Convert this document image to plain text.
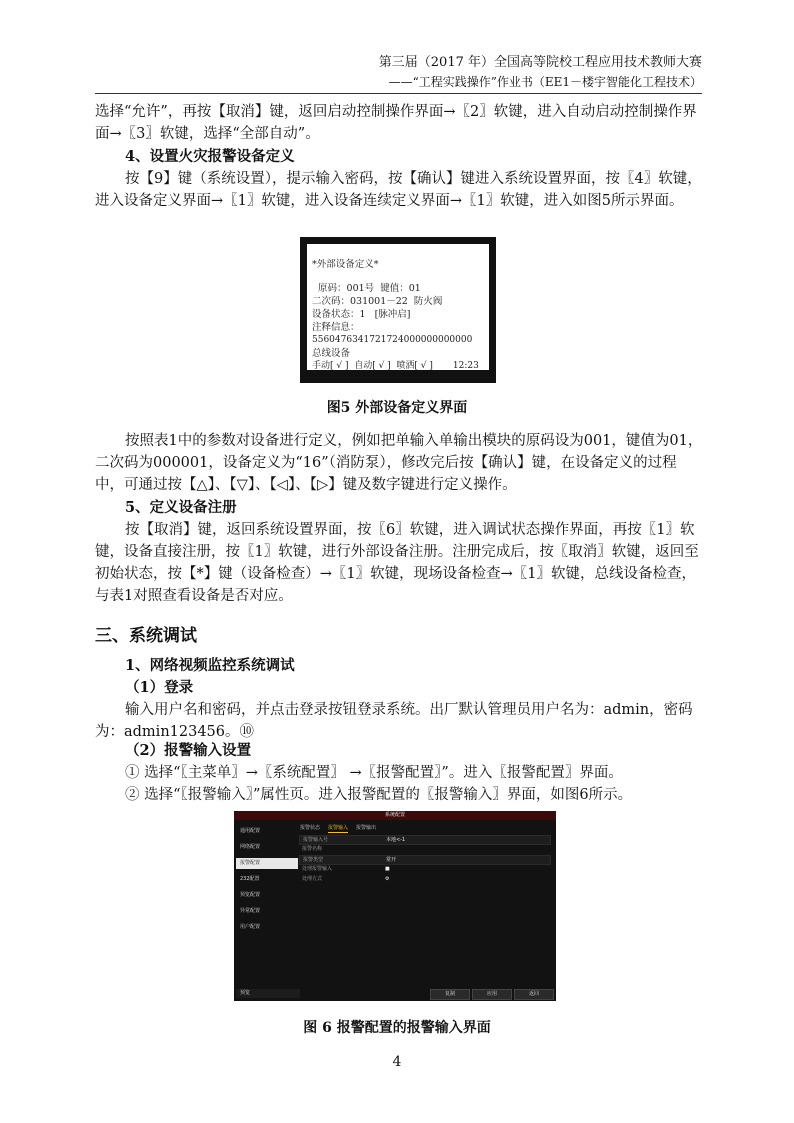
第三届（2017 年）全国高等院校工程应用技术教师大赛
——“工程实践操作”作业书（EE1－楼宇智能化工程技术）

选择“允许”，再按【取消】键，返回启动控制操作界面→〖2〗软键，进入自动启动控制操作界面→〖3〗软键，选择“全部自动”。

4、设置火灾报警设备定义

按【9】键（系统设置），提示输入密码，按【确认】键进入系统设置界面，按〖4〗软键，进入设备定义界面→〖1〗软键，进入设备连续定义界面→〖1〗软键，进入如图5所示界面。

*外部设备定义*
原码：001号  键值：01
二次码：031001－22  防火阀
设备状态：1   [脉冲启]
注释信息：
5560476341721724000000000000
总线设备
手动[ √ ]  自动[ √ ]  喷洒[ √ ]       12:23
图5 外部设备定义界面

按照表1中的参数对设备进行定义，例如把单输入单输出模块的原码设为001，键值为01，二次码为000001，设备定义为“16”（消防泵），修改完后按【确认】键，在设备定义的过程中，可通过按【△】、【▽】、【◁】、【▷】键及数字键进行定义操作。

5、定义设备注册

按【取消】键，返回系统设置界面，按〖6〗软键，进入调试状态操作界面，再按〖1〗软键，设备直接注册，按〖1〗软键，进行外部设备注册。注册完成后，按〖取消〗软键，返回至初始状态，按【*】键（设备检查）→〖1〗软键，现场设备检查→〖1〗软键，总线设备检查，与表1对照查看设备是否对应。

三、系统调试
1、网络视频监控系统调试
（1）登录

输入用户名和密码，并点击登录按钮登录系统。出厂默认管理员用户名为：admin，密码为：admin123456。⑩

（2）报警输入设置

① 选择“〖主菜单〗→〖系统配置〗 →〖报警配置〗”。进入〖报警配置〗界面。

② 选择“〖报警输入〗”属性页。进入报警配置的〖报警输入〗界面，如图6所示。

系统配置
通用配置
网络配置
报警配置
232配置
预览配置
异常配置
用户配置
报警状态 报警输入 报警输出
报警输入号	本地<-1
报警名称
报警类型	常开
处理报警输入	■
处理方式	⚙
预览	复制	应用	返回
图 6 报警配置的报警输入界面
4
